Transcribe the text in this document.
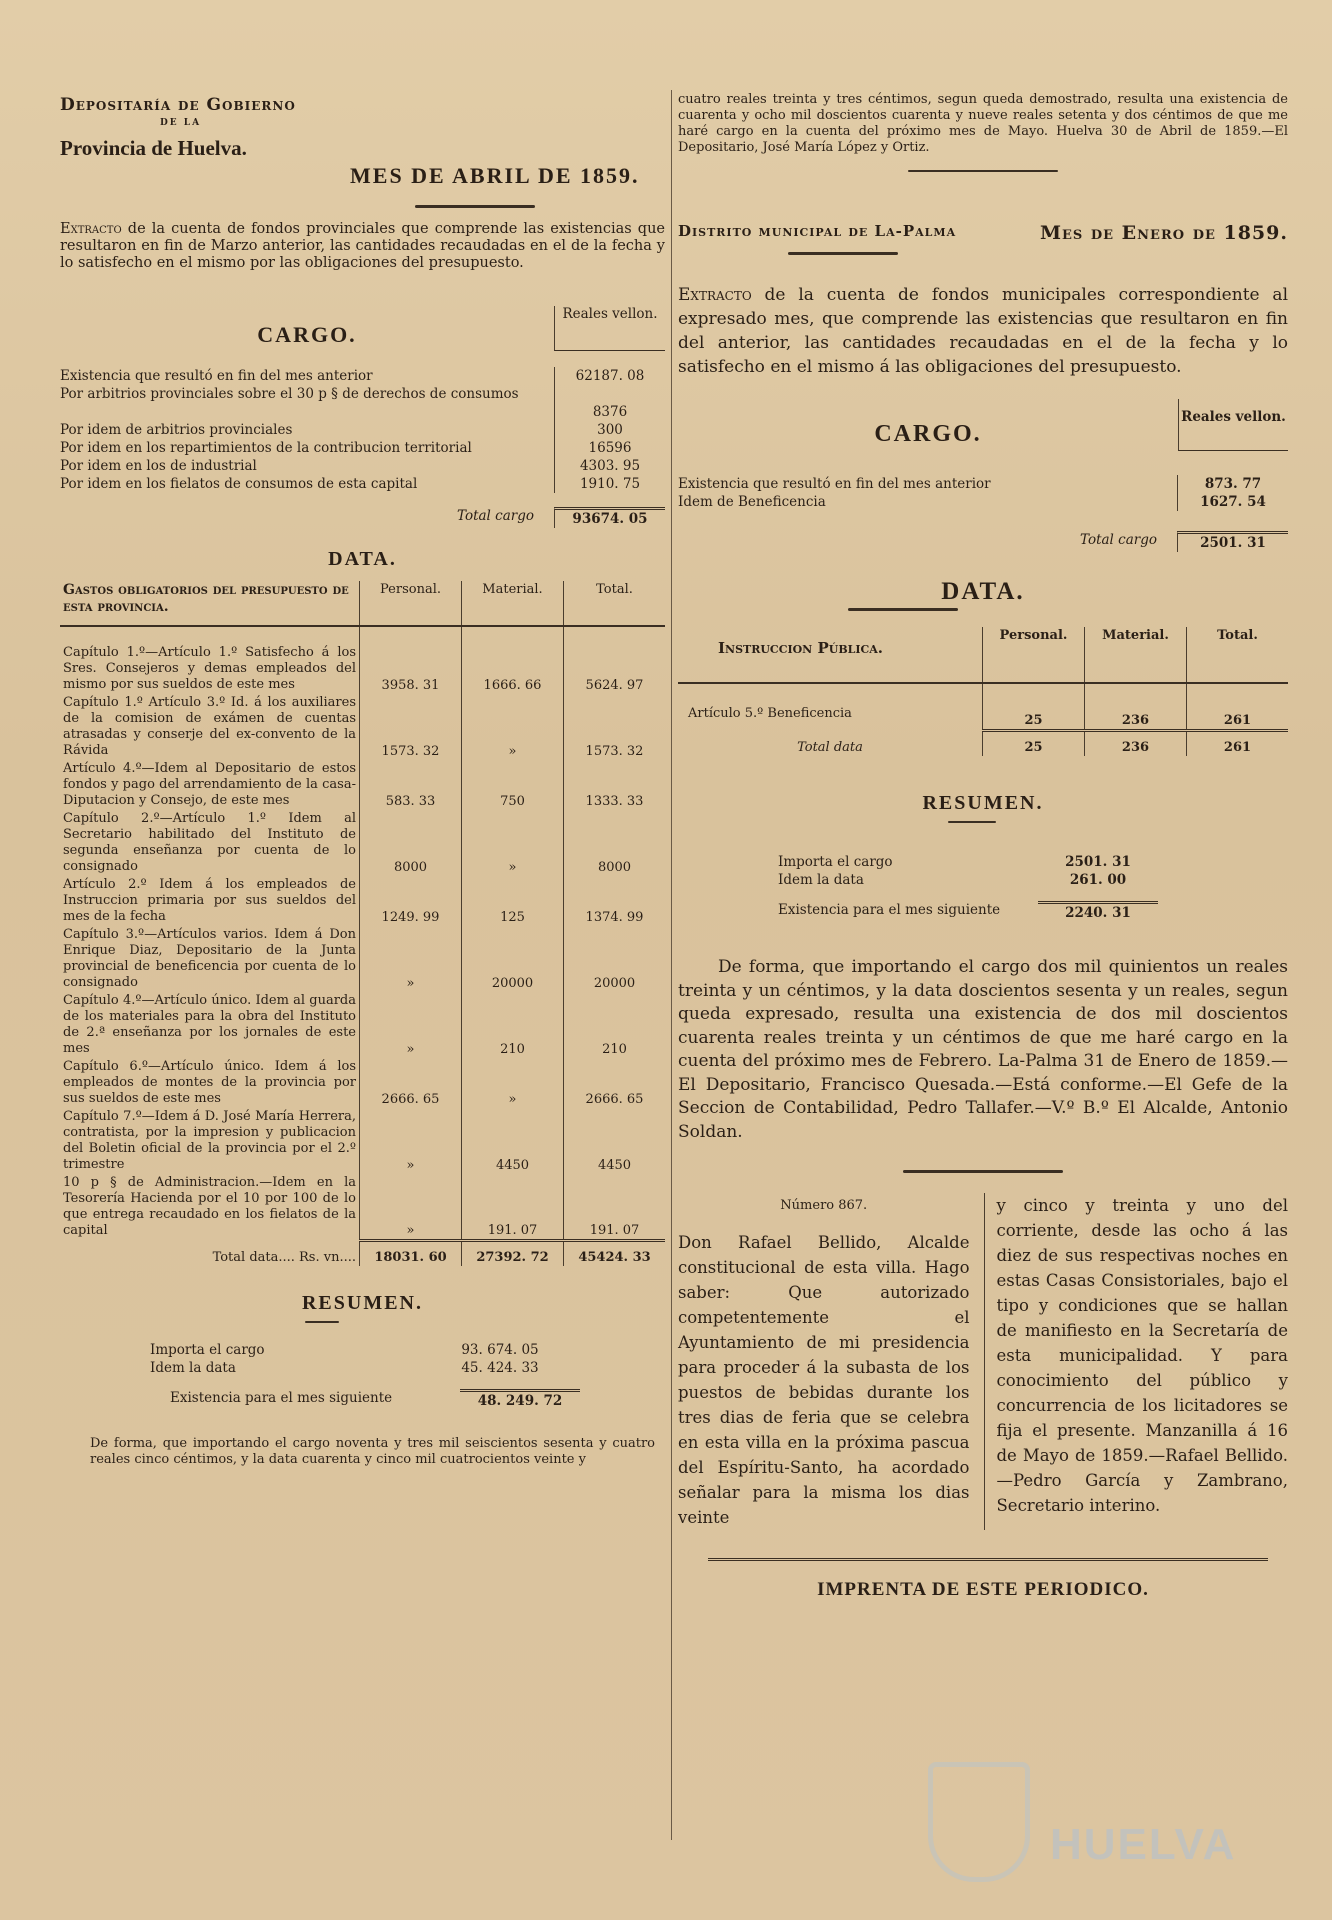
Depositaría de Gobierno
DE LA
Provincia de Huelva.
MES DE ABRIL DE 1859.
Extracto de la cuenta de fondos provinciales que comprende las existencias que resultaron en fin de Marzo anterior, las cantidades recaudadas en el de la fecha y lo satisfecho en el mismo por las obligaciones del presupuesto.
CARGO.
Reales vellon.
Existencia que resultó en fin del mes anterior	62187. 08
Por arbitrios provinciales sobre el 30 p § de derechos de consumos
8376
Por idem de arbitrios provinciales	300
Por idem en los repartimientos de la contribucion territorial	16596
Por idem en los de industrial	4303. 95
Por idem en los fielatos de consumos de esta capital	1910. 75
Total cargo	93674. 05
DATA.
Gastos obligatorios del presupuesto de esta provincia.	Personal.	Material.	Total.
Capítulo 1.º—Artículo 1.º Satisfecho á los Sres. Consejeros y demas empleados del mismo por sus sueldos de este mes	3958. 31	1666. 66	5624. 97
Capítulo 1.º Artículo 3.º Id. á los auxiliares de la comision de exámen de cuentas atrasadas y conserje del ex-convento de la Rávida	1573. 32	»	1573. 32
Artículo 4.º—Idem al Depositario de estos fondos y pago del arrendamiento de la casa-Diputacion y Consejo, de este mes	583. 33	750	1333. 33
Capítulo 2.º—Artículo 1.º Idem al Secretario habilitado del Instituto de segunda enseñanza por cuenta de lo consignado	8000	»	8000
Artículo 2.º Idem á los empleados de Instruccion primaria por sus sueldos del mes de la fecha	1249. 99	125	1374. 99
Capítulo 3.º—Artículos varios. Idem á Don Enrique Diaz, Depositario de la Junta provincial de beneficencia por cuenta de lo consignado	»	20000	20000
Capítulo 4.º—Artículo único. Idem al guarda de los materiales para la obra del Instituto de 2.ª enseñanza por los jornales de este mes	»	210	210
Capítulo 6.º—Artículo único. Idem á los empleados de montes de la provincia por sus sueldos de este mes	2666. 65	»	2666. 65
Capítulo 7.º—Idem á D. José María Herrera, contratista, por la impresion y publicacion del Boletin oficial de la provincia por el 2.º trimestre	»	4450	4450
10 p § de Administracion.—Idem en la Tesorería Hacienda por el 10 por 100 de lo que entrega recaudado en los fielatos de la capital	»	191. 07	191. 07
Total data.... Rs. vn....	18031. 60	27392. 72	45424. 33
RESUMEN.
Importa el cargo	93. 674. 05
Idem la data	45. 424. 33
Existencia para el mes siguiente	48. 249. 72
De forma, que importando el cargo noventa y tres mil seiscientos sesenta y cuatro reales cinco céntimos, y la data cuarenta y cinco mil cuatrocientos veinte y
cuatro reales treinta y tres céntimos, segun queda demostrado, resulta una existencia de cuarenta y ocho mil doscientos cuarenta y nueve reales setenta y dos céntimos de que me haré cargo en la cuenta del próximo mes de Mayo. Huelva 30 de Abril de 1859.—El Depositario, José María López y Ortiz.
Distrito municipal de La-Palma	Mes de Enero de 1859.
Extracto de la cuenta de fondos municipales correspondiente al expresado mes, que comprende las existencias que resultaron en fin del anterior, las cantidades recaudadas en el de la fecha y lo satisfecho en el mismo á las obligaciones del presupuesto.
CARGO.
Reales vellon.
Existencia que resultó en fin del mes anterior	873. 77
Idem de Beneficencia	1627. 54
Total cargo	2501. 31
DATA.
Instruccion Pública.	Personal.	Material.	Total.
Artículo 5.º Beneficencia	25	236	261
Total data	25	236	261
RESUMEN.
Importa el cargo	2501. 31
Idem la data	261. 00
Existencia para el mes siguiente	2240. 31
De forma, que importando el cargo dos mil quinientos un reales treinta y un céntimos, y la data doscientos sesenta y un reales, segun queda expresado, resulta una existencia de dos mil doscientos cuarenta reales treinta y un céntimos de que me haré cargo en la cuenta del próximo mes de Febrero. La-Palma 31 de Enero de 1859.—El Depositario, Francisco Quesada.—Está conforme.—El Gefe de la Seccion de Contabilidad, Pedro Tallafer.—V.º B.º El Alcalde, Antonio Soldan.
Número 867.
Don Rafael Bellido, Alcalde constitucional de esta villa. Hago saber: Que autorizado competentemente el Ayuntamiento de mi presidencia para proceder á la subasta de los puestos de bebidas durante los tres dias de feria que se celebra en esta villa en la próxima pascua del Espíritu-Santo, ha acordado señalar para la misma los dias veinte
y cinco y treinta y uno del corriente, desde las ocho á las diez de sus respectivas noches en estas Casas Consistoriales, bajo el tipo y condiciones que se hallan de manifiesto en la Secretaría de esta municipalidad. Y para conocimiento del público y concurrencia de los licitadores se fija el presente. Manzanilla á 16 de Mayo de 1859.—Rafael Bellido.—Pedro García y Zambrano, Secretario interino.
IMPRENTA DE ESTE PERIODICO.
HUELVA
